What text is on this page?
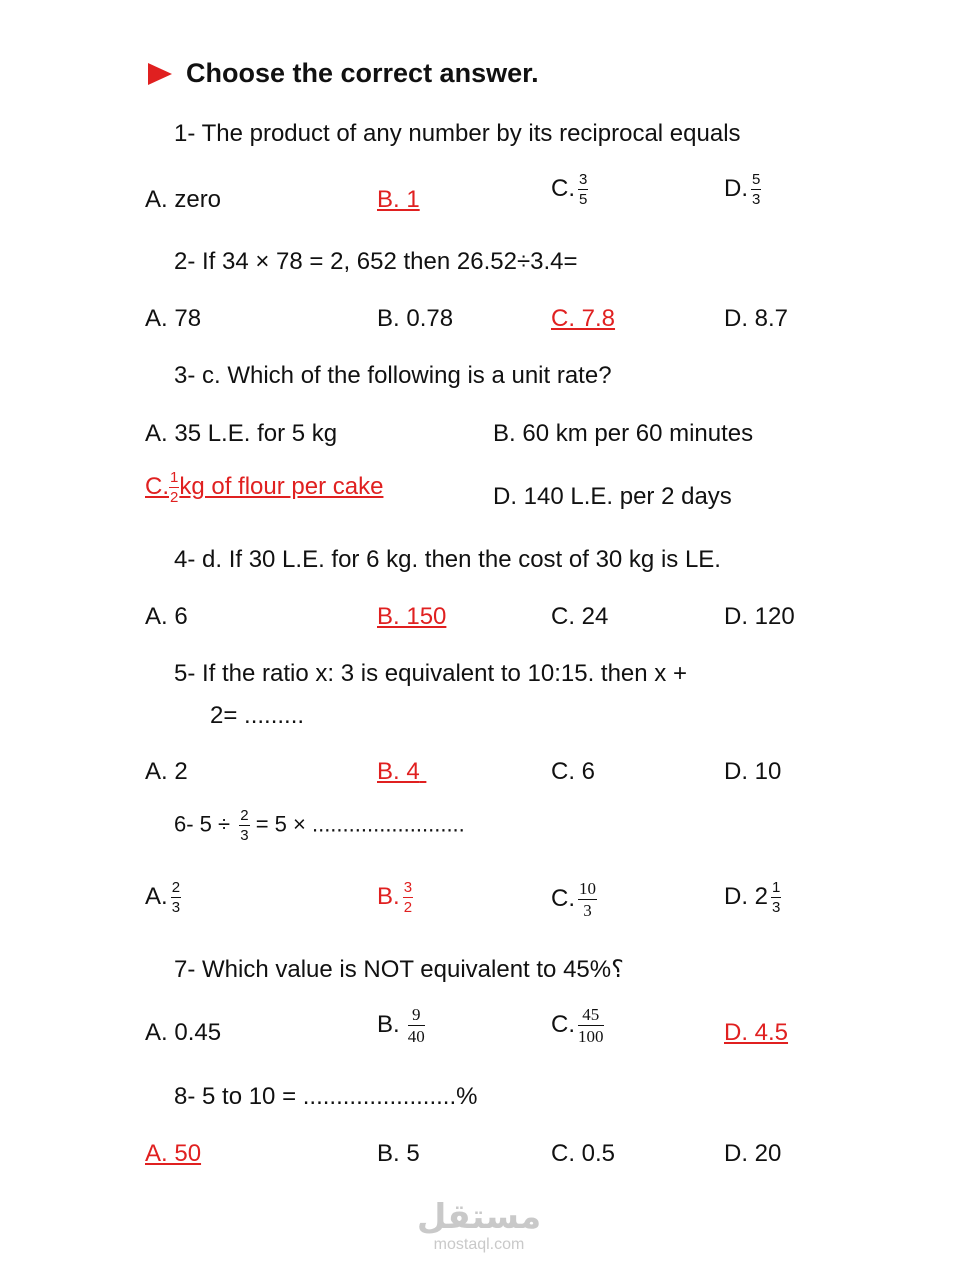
Choose the correct answer.
1- The product of any number by its reciprocal equals
A. zero	B. 1	C. $\frac{3}{5}$	D. $\frac{5}{3}$
2- If 34 × 78 = 2, 652 then 26.52÷3.4=
A. 78	B. 0.78	C. 7.8	D. 8.7
3- c. Which of the following is a unit rate?
A. 35 L.E. for 5 kg	B. 60 km per 60 minutes
C. $\frac{1}{2}$ kg of flour per cake	D. 140 L.E. per 2 days
4- d. If 30 L.E. for 6 kg. then the cost of 30 kg is LE.
A. 6	B. 150	C. 24	D. 120
5- If the ratio x: 3 is equivalent to 10:15. then x +
2= .........
A. 2	B. 4	C. 6	D. 10
6- $5 \div \frac{2}{3} = 5$ × .........................
A. $\frac{2}{3}$	B. $\frac{3}{2}$	C. $\frac{10}{3}$	D. $2 \frac{1}{3}$
7- Which value is NOT equivalent to 45%؟
A. 0.45	B. $\frac{9}{40}$	C. $\frac{45}{100}$	D. 4.5
8- 5 to 10 = .......................%
A. 50	B. 5	C. 0.5	D. 20
مستقل
mostaql.com
